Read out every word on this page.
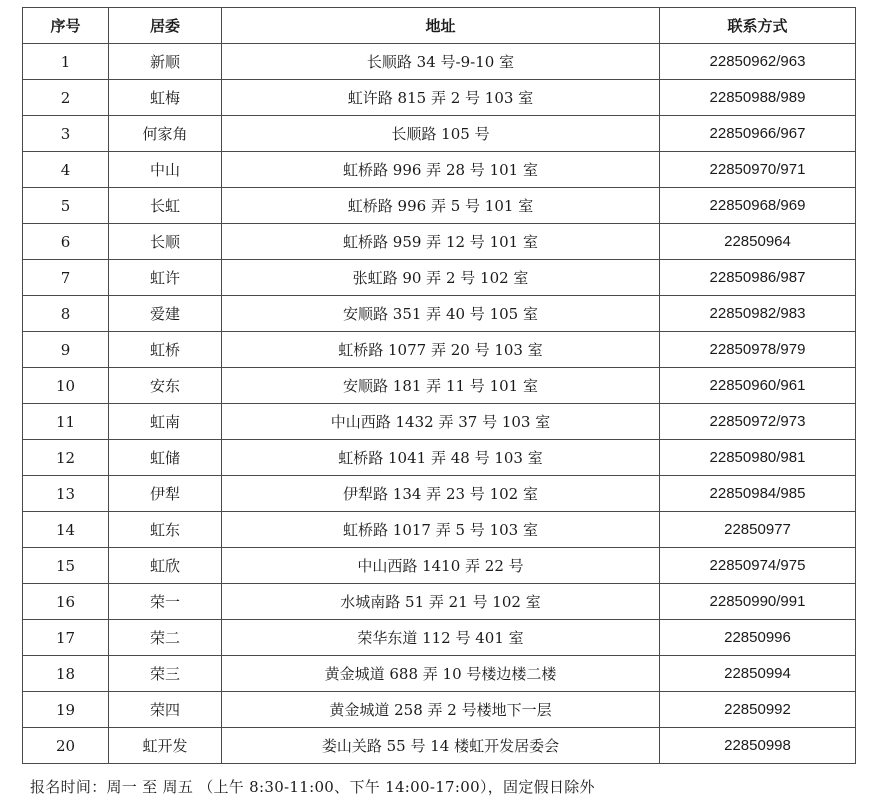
序号	居委	地址	联系方式
1	新顺	长顺路 34 号-9-10 室	22850962/963
2	虹梅	虹许路 815 弄 2 号 103 室	22850988/989
3	何家角	长顺路 105 号	22850966/967
4	中山	虹桥路 996 弄 28 号 101 室	22850970/971
5	长虹	虹桥路 996 弄 5 号 101 室	22850968/969
6	长顺	虹桥路 959 弄 12 号 101 室	22850964
7	虹许	张虹路 90 弄 2 号 102 室	22850986/987
8	爱建	安顺路 351 弄 40 号 105 室	22850982/983
9	虹桥	虹桥路 1077 弄 20 号 103 室	22850978/979
10	安东	安顺路 181 弄 11 号 101 室	22850960/961
11	虹南	中山西路 1432 弄 37 号 103 室	22850972/973
12	虹储	虹桥路 1041 弄 48 号 103 室	22850980/981
13	伊犁	伊犁路 134 弄 23 号 102 室	22850984/985
14	虹东	虹桥路 1017 弄 5 号 103 室	22850977
15	虹欣	中山西路 1410 弄 22 号	22850974/975
16	荣一	水城南路 51 弄 21 号 102 室	22850990/991
17	荣二	荣华东道 112 号 401 室	22850996
18	荣三	黄金城道 688 弄 10 号楼边楼二楼	22850994
19	荣四	黄金城道 258 弄 2 号楼地下一层	22850992
20	虹开发	娄山关路 55 号 14 楼虹开发居委会	22850998
报名时间：周一 至 周五 （上午 8:30-11:00、下午 14:00-17:00），固定假日除外
